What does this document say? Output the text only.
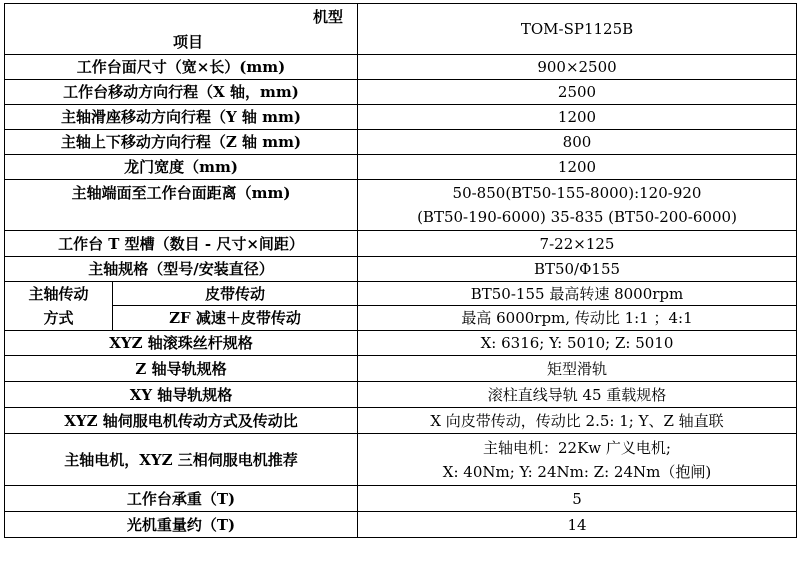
机型
项目		TOM-SP1125B
工作台面尺寸（宽×长）(mm)		900×2500
工作台移动方向行程（X 轴，mm)		2500
主轴滑座移动方向行程（Y 轴 mm)		1200
主轴上下移动方向行程（Z 轴 mm)		800
龙门宽度（mm)		1200
主轴端面至工作台面距离（mm)		50-850(BT50-155-8000):120-920
(BT50-190-6000) 35-835 (BT50-200-6000)

工作台 T 型槽（数目 - 尺寸×间距）		7-22×125
主轴规格（型号/安装直径）		BT50/Φ155

主轴传动
方式	皮带传动	BT50-155 最高转速 8000rpm
	ZF 减速＋皮带传动	最高 6000rpm, 传动比 1:1 ；4:1
XYZ 轴滚珠丝杆规格		X: 6316; Y: 5010; Z: 5010
Z 轴导轨规格		矩型滑轨
XY 轴导轨规格		滚柱直线导轨 45 重载规格
XYZ 轴伺服电机传动方式及传动比		X 向皮带传动，传动比 2.5: 1; Y、Z 轴直联
主轴电机，XYZ 三相伺服电机推荐		主轴电机：22Kw 广义电机;
X: 40Nm; Y: 24Nm: Z: 24Nm（抱闸)

工作台承重（T)		5
光机重量约（T)		14
